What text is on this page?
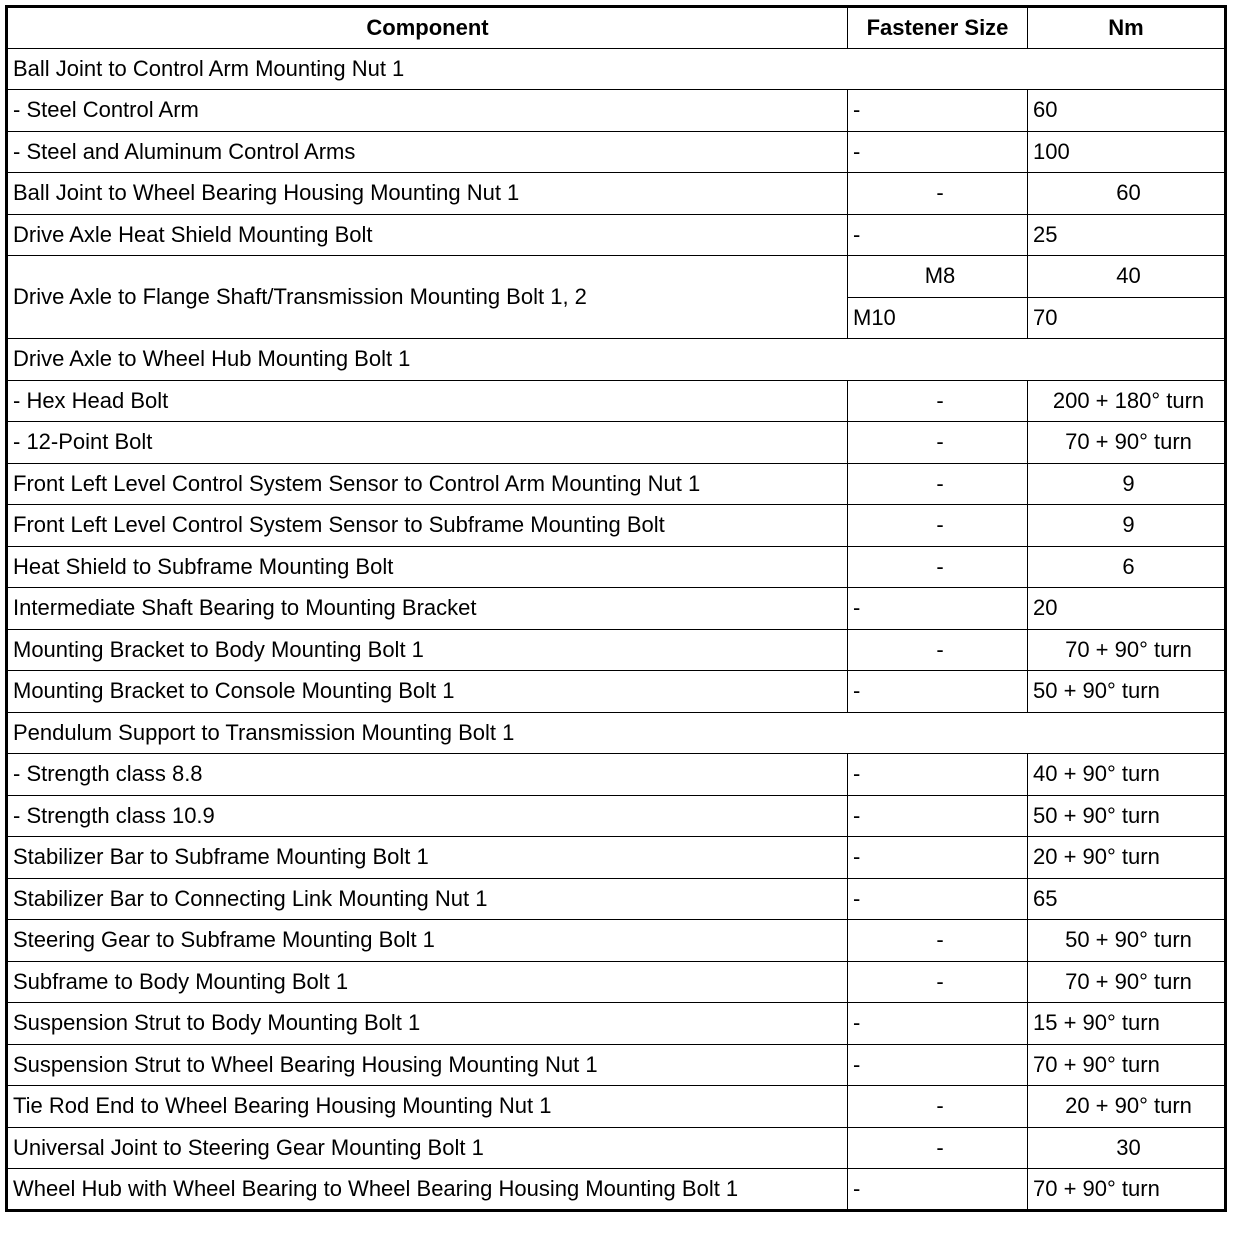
Component	Fastener Size	Nm
Ball Joint to Control Arm Mounting Nut 1		
- Steel Control Arm	-	60
- Steel and Aluminum Control Arms	-	100
Ball Joint to Wheel Bearing Housing Mounting Nut 1	-	60
Drive Axle Heat Shield Mounting Bolt	-	25
Drive Axle to Flange Shaft/Transmission Mounting Bolt 1, 2	M8	40
	M10	70
Drive Axle to Wheel Hub Mounting Bolt 1		
- Hex Head Bolt	-	200 + 180° turn
- 12-Point Bolt	-	70 + 90° turn
Front Left Level Control System Sensor to Control Arm Mounting Nut 1	-	9
Front Left Level Control System Sensor to Subframe Mounting Bolt	-	9
Heat Shield to Subframe Mounting Bolt	-	6
Intermediate Shaft Bearing to Mounting Bracket	-	20
Mounting Bracket to Body Mounting Bolt 1	-	70 + 90° turn
Mounting Bracket to Console Mounting Bolt 1	-	50 + 90° turn
Pendulum Support to Transmission Mounting Bolt 1		
- Strength class 8.8	-	40 + 90° turn
- Strength class 10.9	-	50 + 90° turn
Stabilizer Bar to Subframe Mounting Bolt 1	-	20 + 90° turn
Stabilizer Bar to Connecting Link Mounting Nut 1	-	65
Steering Gear to Subframe Mounting Bolt 1	-	50 + 90° turn
Subframe to Body Mounting Bolt 1	-	70 + 90° turn
Suspension Strut to Body Mounting Bolt 1	-	15 + 90° turn
Suspension Strut to Wheel Bearing Housing Mounting Nut 1	-	70 + 90° turn
Tie Rod End to Wheel Bearing Housing Mounting Nut 1	-	20 + 90° turn
Universal Joint to Steering Gear Mounting Bolt 1	-	30
Wheel Hub with Wheel Bearing to Wheel Bearing Housing Mounting Bolt 1	-	70 + 90° turn
